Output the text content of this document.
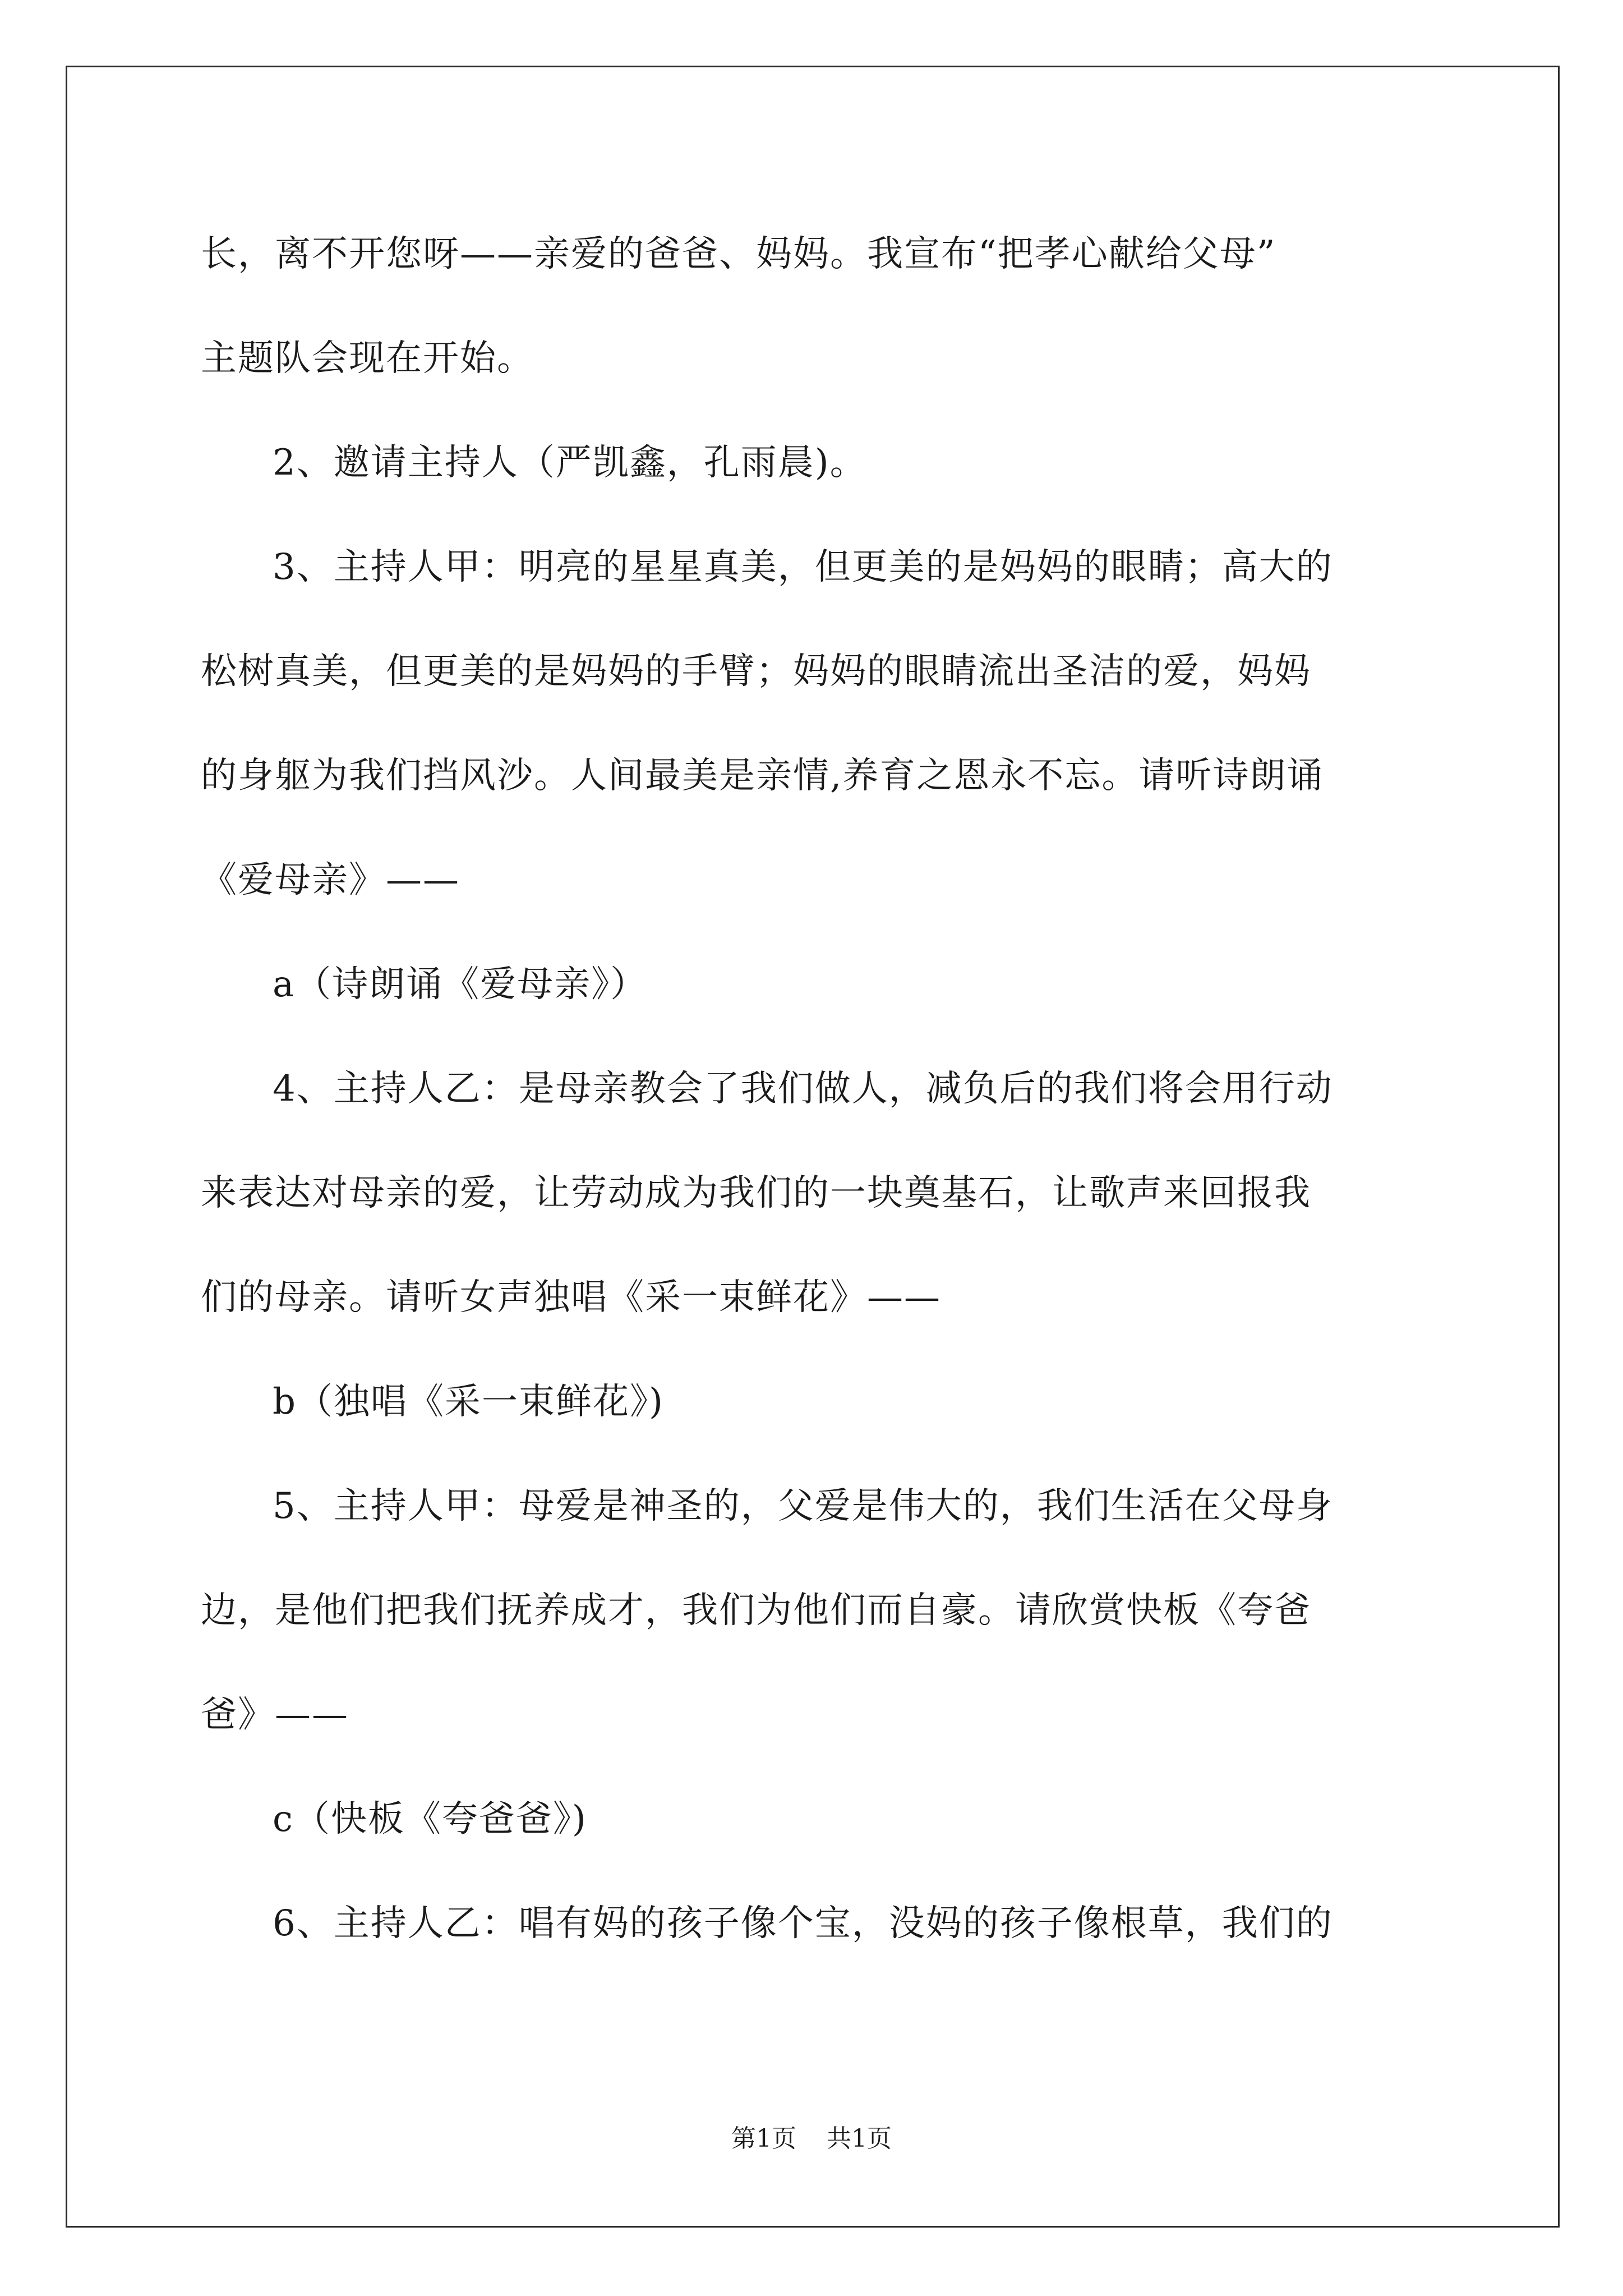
长，离不开您呀——亲爱的爸爸、妈妈。我宣布“把孝心献给父母”
主题队会现在开始。
2、邀请主持人（严凯鑫，孔雨晨)。
3、主持人甲：明亮的星星真美，但更美的是妈妈的眼睛；高大的
松树真美，但更美的是妈妈的手臂；妈妈的眼睛流出圣洁的爱，妈妈
的身躯为我们挡风沙。人间最美是亲情,养育之恩永不忘。请听诗朗诵
《爱母亲》——
a（诗朗诵《爱母亲》）
4、主持人乙：是母亲教会了我们做人，减负后的我们将会用行动
来表达对母亲的爱，让劳动成为我们的一块奠基石，让歌声来回报我
们的母亲。请听女声独唱《采一束鲜花》——
b（独唱《采一束鲜花》)
5、主持人甲：母爱是神圣的，父爱是伟大的，我们生活在父母身
边，是他们把我们抚养成才，我们为他们而自豪。请欣赏快板《夸爸
爸》——
c（快板《夸爸爸》)
6、主持人乙：唱有妈的孩子像个宝，没妈的孩子像根草，我们的
第1页 共1页
